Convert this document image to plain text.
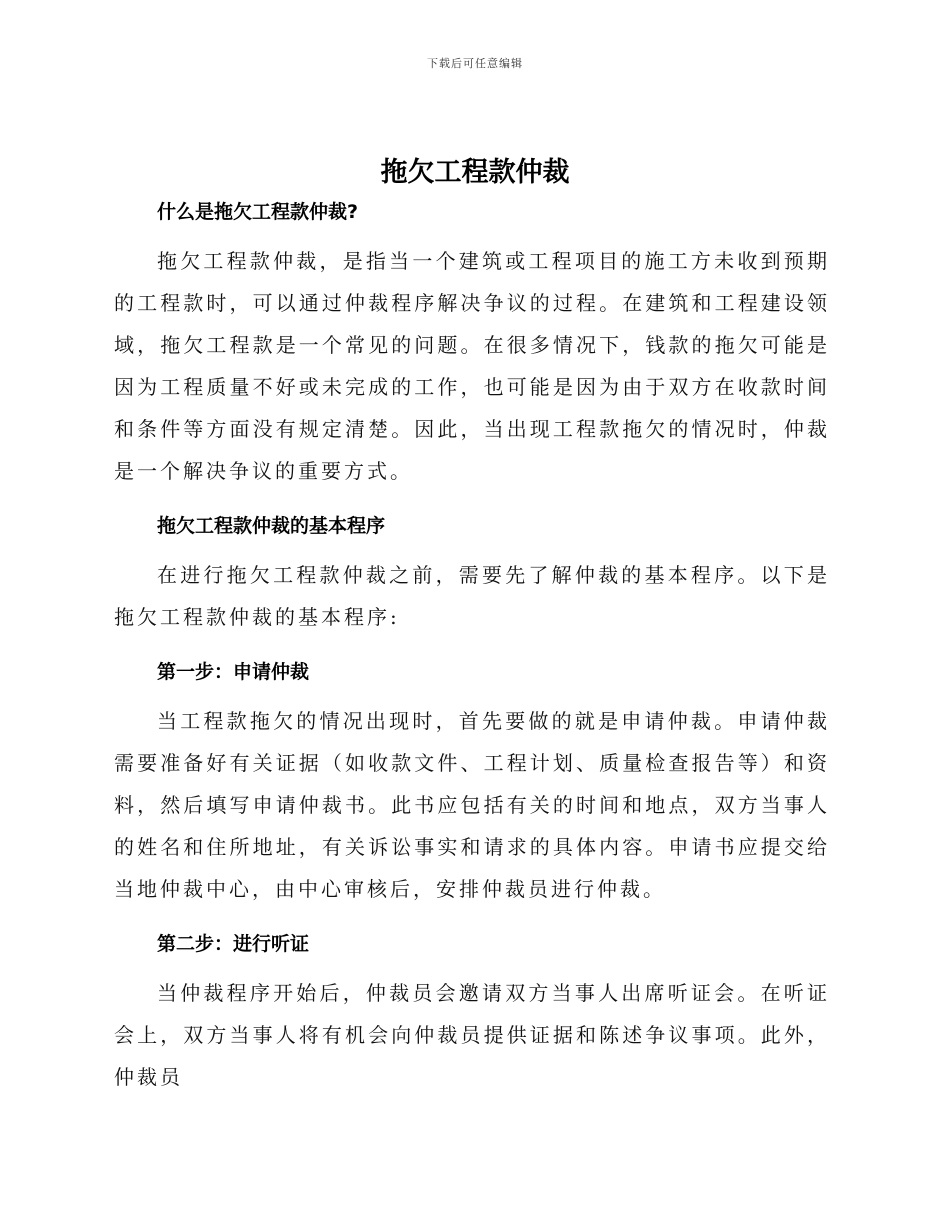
下载后可任意编辑
拖欠工程款仲裁
什么是拖欠工程款仲裁?

拖欠工程款仲裁，是指当一个建筑或工程项目的施工方未收到预期的工程款时，可以通过仲裁程序解决争议的过程。在建筑和工程建设领域，拖欠工程款是一个常见的问题。在很多情况下，钱款的拖欠可能是因为工程质量不好或未完成的工作，也可能是因为由于双方在收款时间和条件等方面没有规定清楚。因此，当出现工程款拖欠的情况时，仲裁是一个解决争议的重要方式。

拖欠工程款仲裁的基本程序

在进行拖欠工程款仲裁之前，需要先了解仲裁的基本程序。以下是拖欠工程款仲裁的基本程序:

第一步：申请仲裁

当工程款拖欠的情况出现时，首先要做的就是申请仲裁。申请仲裁需要准备好有关证据（如收款文件、工程计划、质量检查报告等）和资料，然后填写申请仲裁书。此书应包括有关的时间和地点，双方当事人的姓名和住所地址，有关诉讼事实和请求的具体内容。申请书应提交给当地仲裁中心，由中心审核后，安排仲裁员进行仲裁。

第二步：进行听证

当仲裁程序开始后，仲裁员会邀请双方当事人出席听证会。在听证会上，双方当事人将有机会向仲裁员提供证据和陈述争议事项。此外，仲裁员
